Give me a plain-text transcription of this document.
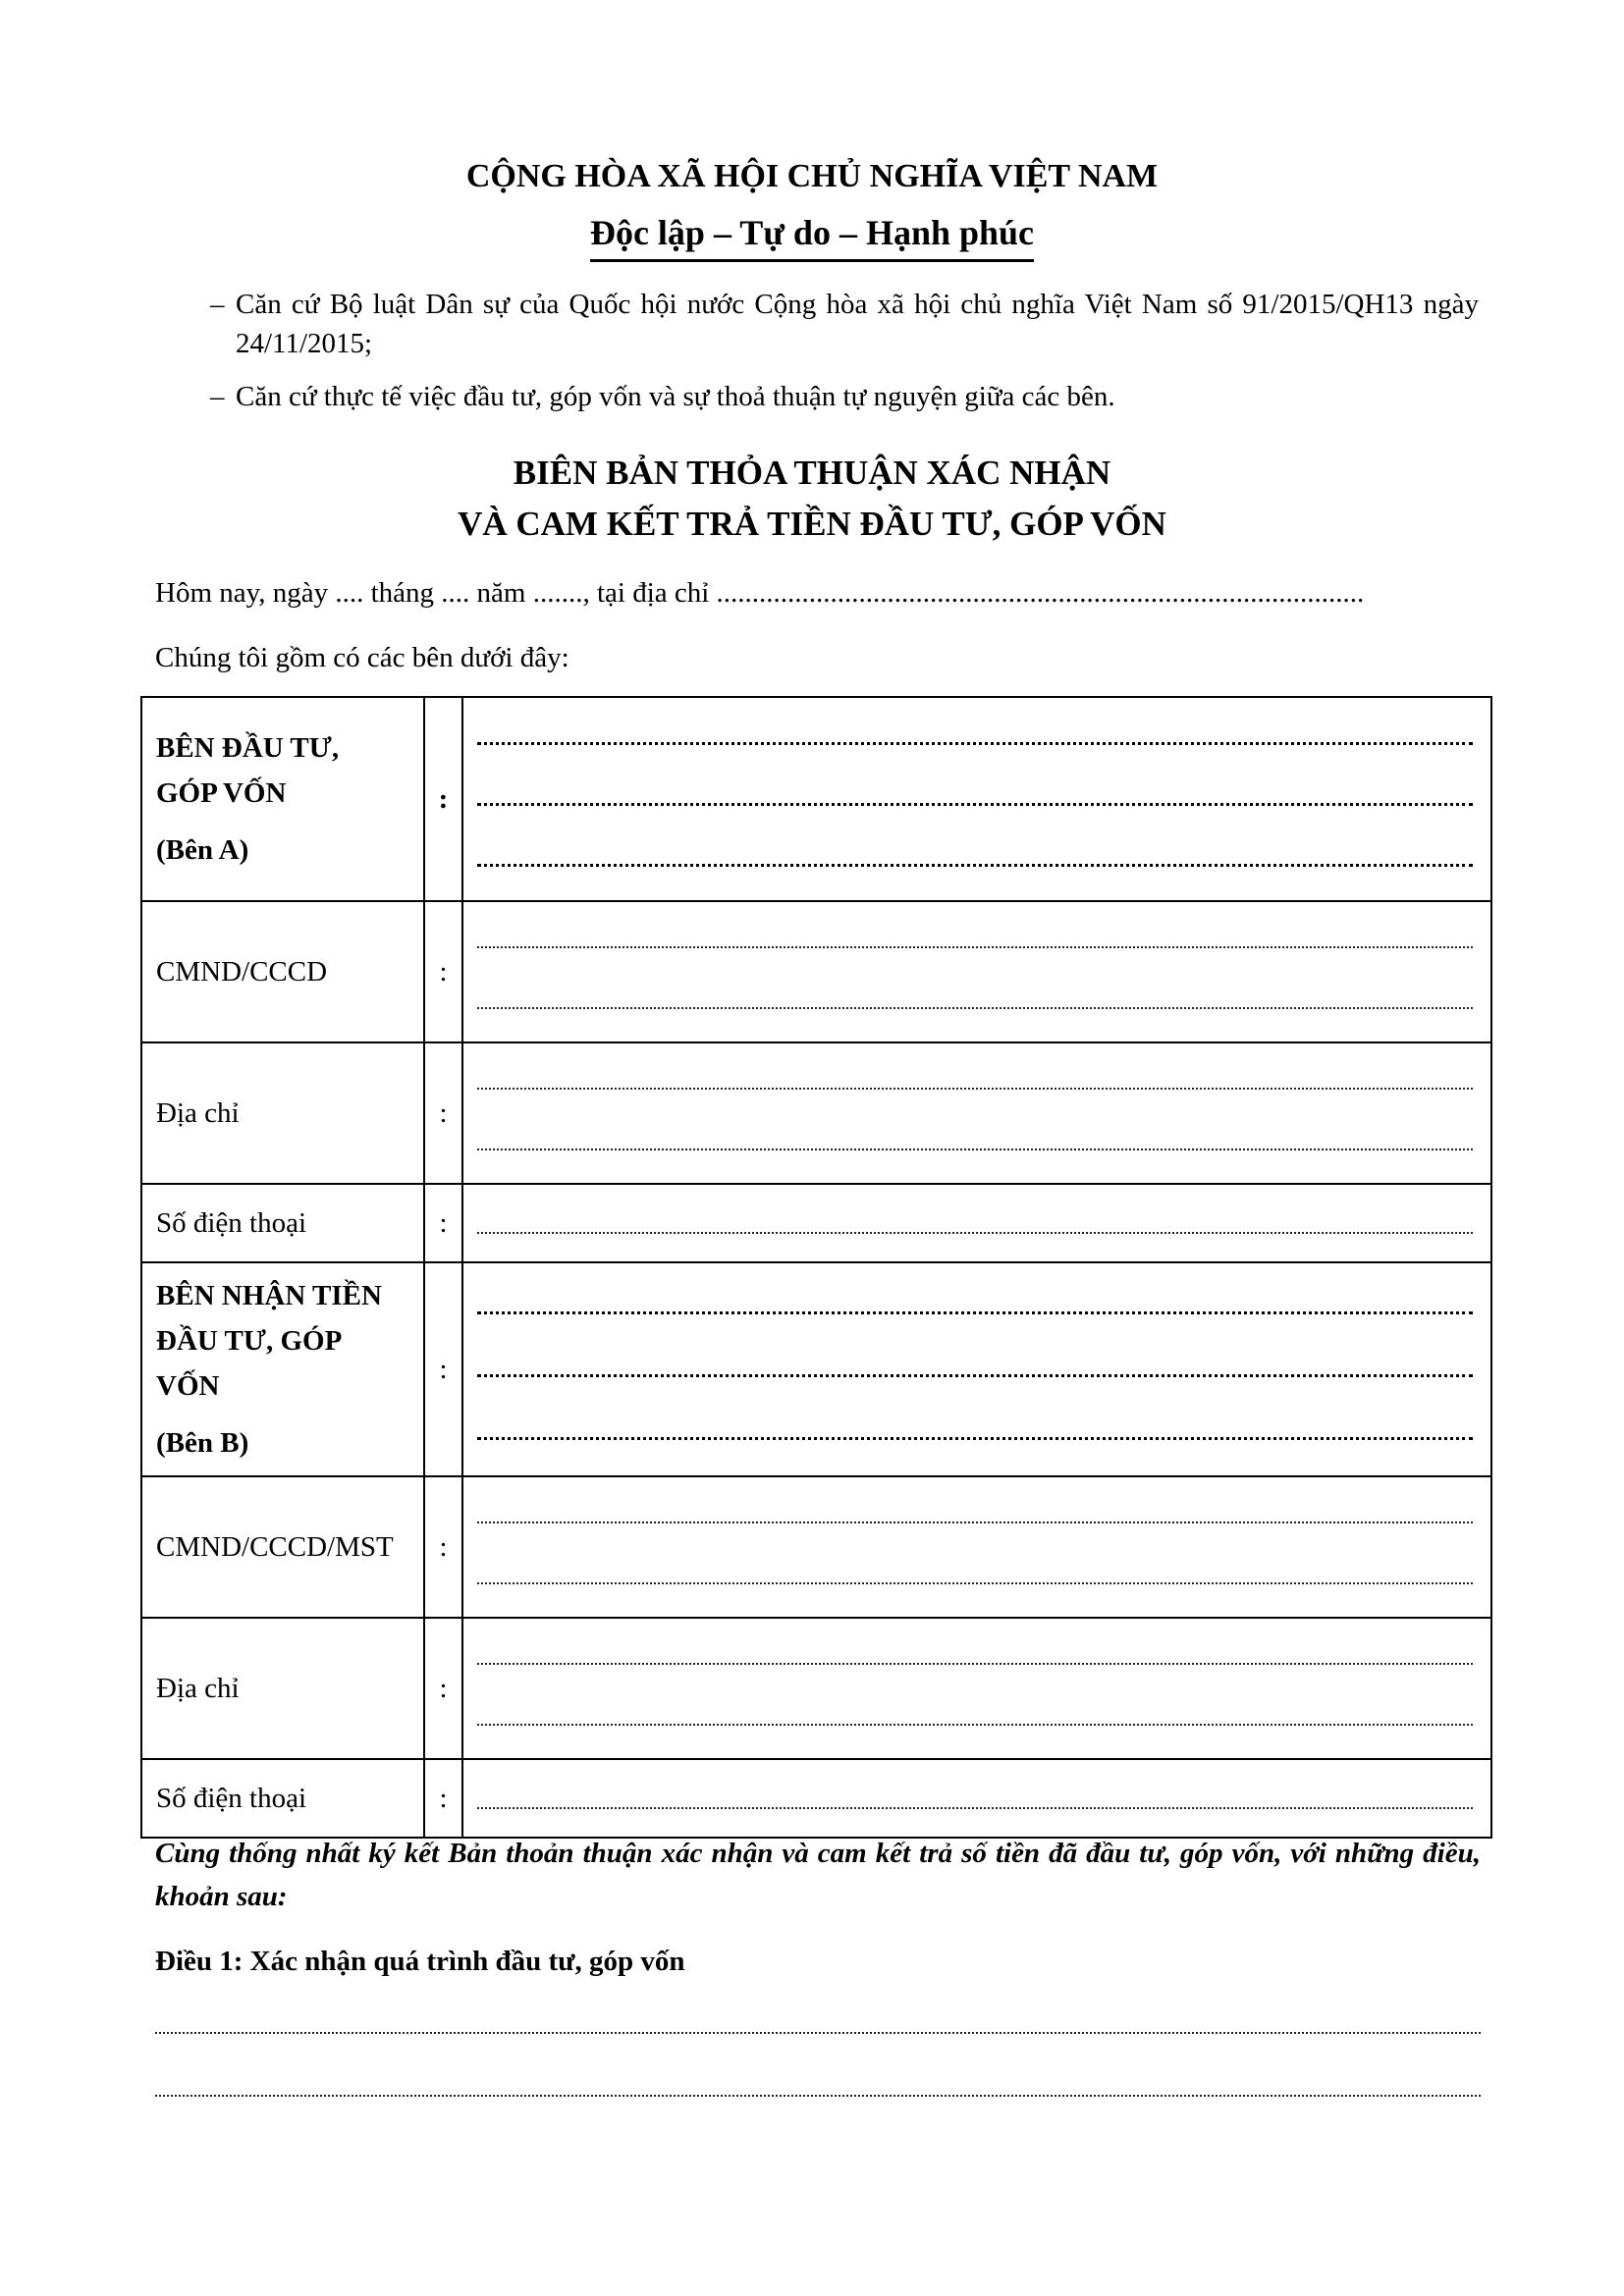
CỘNG HÒA XÃ HỘI CHỦ NGHĨA VIỆT NAM
Độc lập – Tự do – Hạnh phúc
– Căn cứ Bộ luật Dân sự của Quốc hội nước Cộng hòa xã hội chủ nghĩa Việt Nam số 91/2015/QH13 ngày 24/11/2015;
– Căn cứ thực tế việc đầu tư, góp vốn và sự thoả thuận tự nguyện giữa các bên.
BIÊN BẢN THỎA THUẬN XÁC NHẬN
VÀ CAM KẾT TRẢ TIỀN ĐẦU TƯ, GÓP VỐN
Hôm nay, ngày .... tháng .... năm ......., tại địa chỉ ...........................................................................................
Chúng tôi gồm có các bên dưới đây:
BÊN ĐẦU TƯ,
GÓP VỐN
(Bên A)	:	

CMND/CCCD	:	

Địa chỉ	:	

Số điện thoại	:	

BÊN NHẬN TIỀN
ĐẦU TƯ, GÓP
VỐN
(Bên B)	:	

CMND/CCCD/MST	:	

Địa chỉ	:	

Số điện thoại	:	
Cùng thống nhất ký kết Bản thoản thuận xác nhận và cam kết trả số tiền đã đầu tư, góp vốn, với những điều, khoản sau:
Điều 1: Xác nhận quá trình đầu tư, góp vốn
